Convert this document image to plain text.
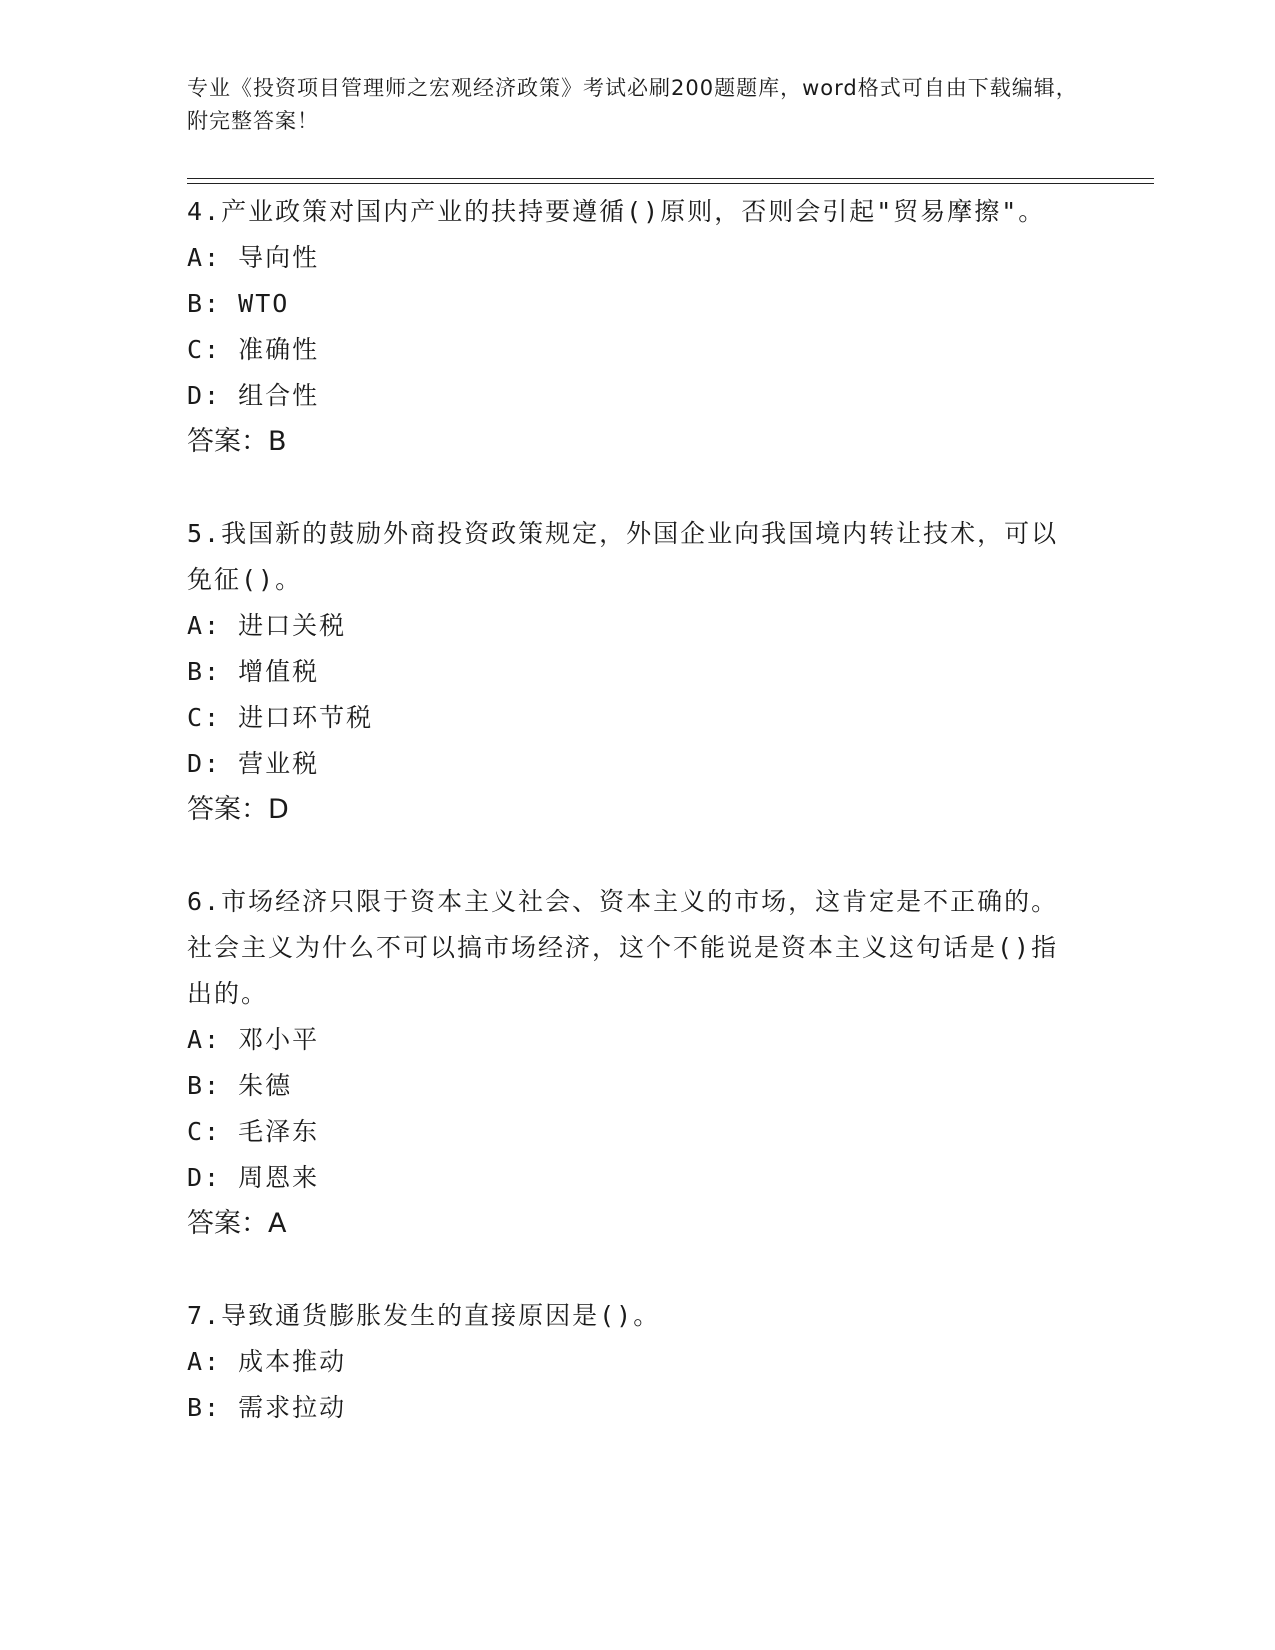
专业《投资项目管理师之宏观经济政策》考试必刷200题题库，word格式可自由下载编辑，附完整答案！

4.产业政策对国内产业的扶持要遵循()原则，否则会引起"贸易摩擦"。

A: 导向性

B: WTO

C: 准确性

D: 组合性

答案：B

5.我国新的鼓励外商投资政策规定，外国企业向我国境内转让技术，可以免征()。

A: 进口关税

B: 增值税

C: 进口环节税

D: 营业税

答案：D

6.市场经济只限于资本主义社会、资本主义的市场，这肯定是不正确的。社会主义为什么不可以搞市场经济，这个不能说是资本主义这句话是()指出的。

A: 邓小平

B: 朱德

C: 毛泽东

D: 周恩来

答案：A

7.导致通货膨胀发生的直接原因是()。

A: 成本推动

B: 需求拉动
